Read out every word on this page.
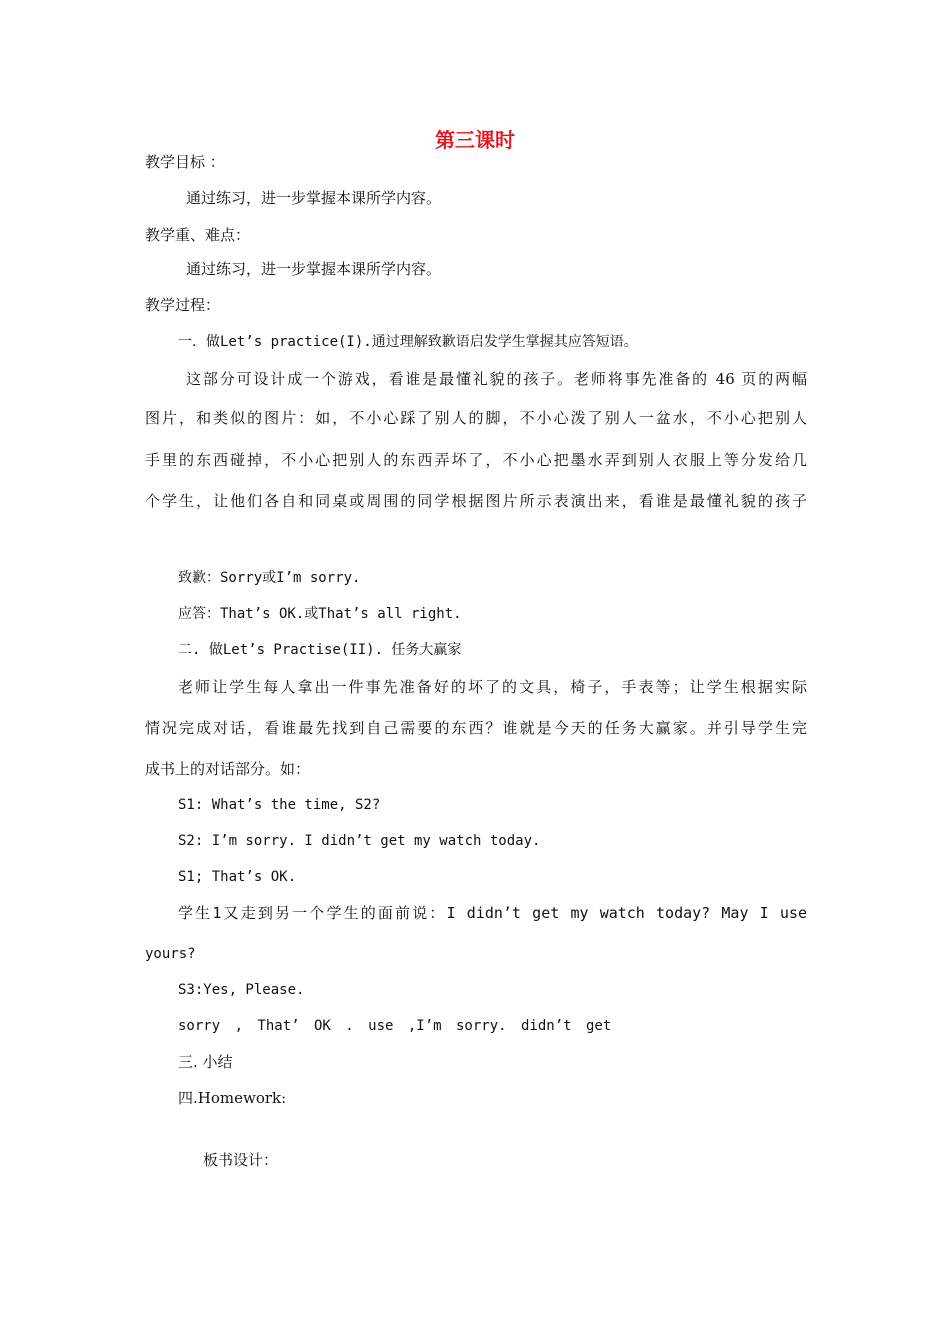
第三课时
教学目标 ：
通过练习，进一步掌握本课所学内容。
教学重、难点：
通过练习，进一步掌握本课所学内容。
教学过程：
一．做Let’s practice(I).通过理解致歉语启发学生掌握其应答短语。
这部分可设计成一个游戏，看谁是最懂礼貌的孩子。老师将事先准备的 46 页的两幅
图片，和类似的图片：如，不小心踩了别人的脚，不小心泼了别人一盆水，不小心把别人
手里的东西碰掉，不小心把别人的东西弄坏了，不小心把墨水弄到别人衣服上等分发给几
个学生，让他们各自和同桌或周围的同学根据图片所示表演出来，看谁是最懂礼貌的孩子
致歉：Sorry或I’m sorry.
应答：That’s OK.或That’s all right.
二. 做Let’s Practise(II). 任务大赢家
老师让学生每人拿出一件事先准备好的坏了的文具，椅子，手表等；让学生根据实际
情况完成对话，看谁最先找到自己需要的东西？谁就是今天的任务大赢家。并引导学生完
成书上的对话部分。如：
S1: What’s the time, S2?
S2: I’m sorry. I didn’t get my watch today.
S1; That’s OK.
学生1又走到另一个学生的面前说：I didn’t get my watch today? May I use
yours?
S3:Yes, Please.
sorry , That’ OK . use ,I’m sorry. didn’t get
三. 小结
四.Homework:
板书设计：
